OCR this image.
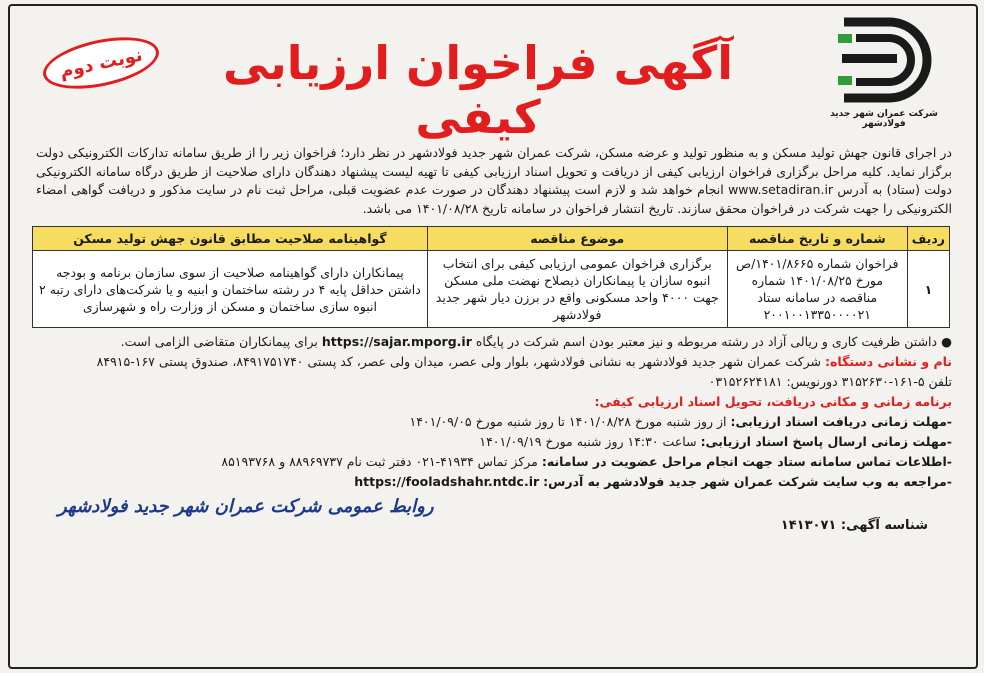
شرکت عمران شهر جدید فولادشهر
آگهی فراخوان ارزیابی کیفی
نوبت دوم

در اجرای قانون جهش تولید مسکن و به منظور تولید و عرضه مسکن، شرکت عمران شهر جدید فولادشهر در نظر دارد؛ فراخوان زیر را از طریق سامانه تدارکات الکترونیکی دولت برگزار نماید. کلیه مراحل برگزاری فراخوان ارزیابی کیفی از دریافت و تحویل اسناد ارزیابی کیفی تا تهیه لیست پیشنهاد دهندگان دارای صلاحیت از طریق درگاه سامانه الکترونیکی دولت (ستاد) به آدرس www.setadiran.ir انجام خواهد شد و لازم است پیشنهاد دهندگان در صورت عدم عضویت قبلی، مراحل ثبت نام در سایت مذکور و دریافت گواهی امضاء الکترونیکی را جهت شرکت در فراخوان محقق سازند. تاریخ انتشار فراخوان در سامانه تاریخ ۱۴۰۱/۰۸/۲۸ می باشد.

ردیف	شماره و تاریخ مناقصه	موضوع مناقصه	گواهینامه صلاحیت مطابق قانون جهش تولید مسکن
۱	فراخوان شماره ۱۴۰۱/۸۶۶۵/ص مورخ ۱۴۰۱/۰۸/۲۵ شماره مناقصه در سامانه ستاد ۲۰۰۱۰۰۱۳۳۵۰۰۰۰۲۱	برگزاری فراخوان عمومی ارزیابی کیفی برای انتخاب انبوه سازان یا پیمانکاران ذیصلاح نهضت ملی مسکن جهت ۴۰۰۰ واحد مسکونی واقع در برزن دیار شهر جدید فولادشهر	پیمانکاران دارای گواهینامه صلاحیت از سوی سازمان برنامه و بودجه داشتن حداقل پایه ۴ در رشته ساختمان و ابنیه و یا شرکت‌های دارای رتبه ۲ انبوه سازی ساختمان و مسکن از وزارت راه و شهرسازی
● داشتن ظرفیت کاری و ریالی آزاد در رشته مربوطه و نیز معتبر بودن اسم شرکت در پایگاه https://sajar.mporg.ir برای پیمانکاران متقاضی الزامی است.
نام و نشانی دستگاه: شرکت عمران شهر جدید فولادشهر به نشانی فولادشهر، بلوار ولی عصر، میدان ولی عصر، کد پستی ۸۴۹۱۷۵۱۷۴۰، صندوق پستی ۱۶۷-۸۴۹۱۵
تلفن ۵-۱۶۱-۳۱۵۲۶۳۰ دورنویس: ۰۳۱۵۲۶۲۴۱۸۱
برنامه زمانی و مکانی دریافت، تحویل اسناد ارزیابی کیفی:
-مهلت زمانی دریافت اسناد ارزیابی: از روز شنبه مورخ ۱۴۰۱/۰۸/۲۸ تا روز شنبه مورخ ۱۴۰۱/۰۹/۰۵
-مهلت زمانی ارسال پاسخ اسناد ارزیابی: ساعت ۱۴:۳۰ روز شنبه مورخ ۱۴۰۱/۰۹/۱۹
-اطلاعات تماس سامانه ستاد جهت انجام مراحل عضویت در سامانه: مرکز تماس ۴۱۹۳۴-۰۲۱ دفتر ثبت نام ۸۸۹۶۹۷۳۷ و ۸۵۱۹۳۷۶۸
-مراجعه به وب سایت شرکت عمران شهر جدید فولادشهر به آدرس: https://fooladshahr.ntdc.ir
روابط عمومی شرکت عمران شهر جدید فولادشهر
شناسه آگهی: ۱۴۱۳۰۷۱
